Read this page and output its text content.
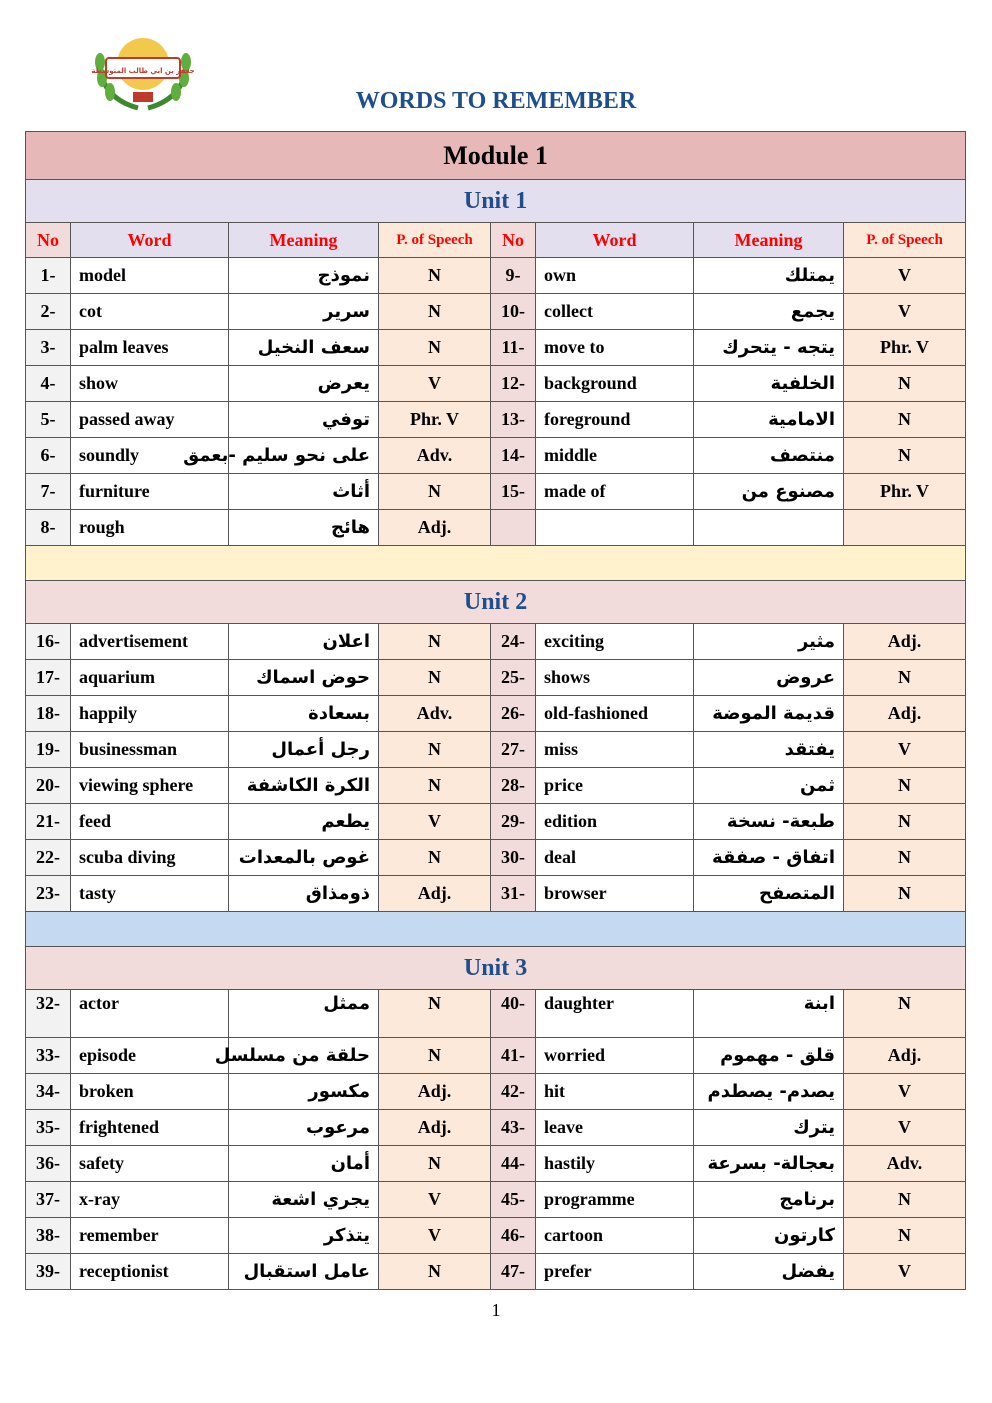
جعفر بن ابي طالب المتوسطة
WORDS TO REMEMBER
Module 1							
Unit 1							
No	Word	Meaning	P. of Speech	No	Word	Meaning	P. of Speech
1-	model	نموذج	N	9-	own	يمتلك	V
2-	cot	سرير	N	10-	collect	يجمع	V
3-	palm leaves	سعف النخيل	N	11-	move to	يتجه - يتحرك	Phr. V
4-	show	يعرض	V	12-	background	الخلفية	N
5-	passed away	توفي	Phr. V	13-	foreground	الامامية	N
6-	soundly	على نحو سليم -بعمق	Adv.	14-	middle	منتصف	N
7-	furniture	أثاث	N	15-	made of	مصنوع من	Phr. V
8-	rough	هائج	Adj.				

Unit 2							
16-	advertisement	اعلان	N	24-	exciting	مثير	Adj.
17-	aquarium	حوض اسماك	N	25-	shows	عروض	N
18-	happily	بسعادة	Adv.	26-	old-fashioned	قديمة الموضة	Adj.
19-	businessman	رجل أعمال	N	27-	miss	يفتقد	V
20-	viewing sphere	الكرة الكاشفة	N	28-	price	ثمن	N
21-	feed	يطعم	V	29-	edition	طبعة- نسخة	N
22-	scuba diving	غوص بالمعدات	N	30-	deal	اتفاق - صفقة	N
23-	tasty	ذومذاق	Adj.	31-	browser	المتصفح	N

Unit 3							
32-	actor	ممثل	N	40-	daughter	ابنة	N
33-	episode	حلقة من مسلسل	N	41-	worried	قلق - مهموم	Adj.
34-	broken	مكسور	Adj.	42-	hit	يصدم- يصطدم	V
35-	frightened	مرعوب	Adj.	43-	leave	يترك	V
36-	safety	أمان	N	44-	hastily	بعجالة- بسرعة	Adv.
37-	x-ray	يجري اشعة	V	45-	programme	برنامج	N
38-	remember	يتذكر	V	46-	cartoon	كارتون	N
39-	receptionist	عامل استقبال	N	47-	prefer	يفضل	V
1
